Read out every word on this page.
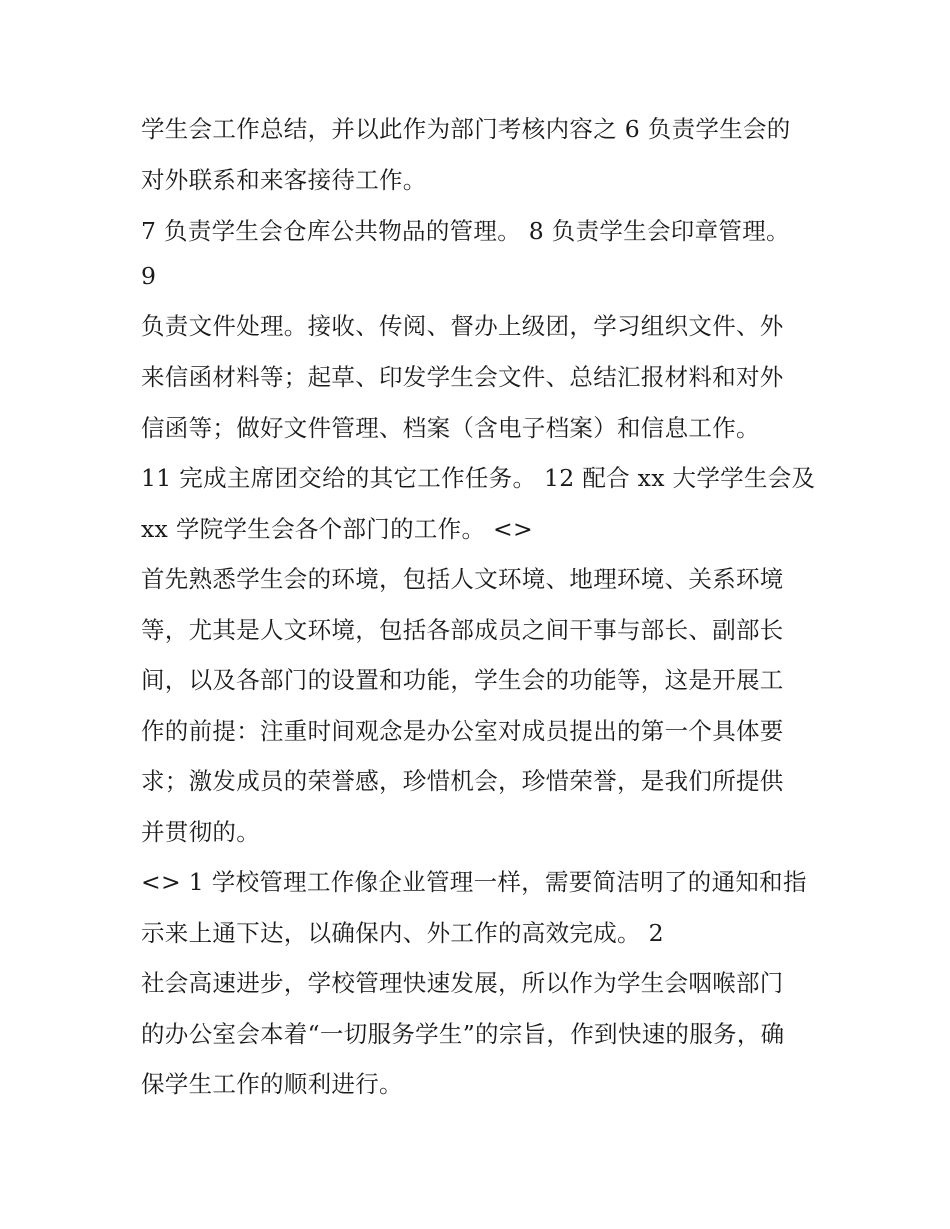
学生会工作总结，并以此作为部门考核内容之 6 负责学生会的
对外联系和来客接待工作。
7 负责学生会仓库公共物品的管理。 8 负责学生会印章管理。
9
负责文件处理。接收、传阅、督办上级团，学习组织文件、外
来信函材料等；起草、印发学生会文件、总结汇报材料和对外
信函等；做好文件管理、档案（含电子档案）和信息工作。
11 完成主席团交给的其它工作任务。 12 配合 xx 大学学生会及
xx 学院学生会各个部门的工作。 <>
首先熟悉学生会的环境，包括人文环境、地理环境、关系环境
等，尤其是人文环境，包括各部成员之间干事与部长、副部长
间，以及各部门的设置和功能，学生会的功能等，这是开展工
作的前提：注重时间观念是办公室对成员提出的第一个具体要
求；激发成员的荣誉感，珍惜机会，珍惜荣誉，是我们所提供
并贯彻的。
<> 1 学校管理工作像企业管理一样，需要简洁明了的通知和指
示来上通下达，以确保内、外工作的高效完成。 2
社会高速进步，学校管理快速发展，所以作为学生会咽喉部门
的办公室会本着“一切服务学生”的宗旨，作到快速的服务，确
保学生工作的顺利进行。
